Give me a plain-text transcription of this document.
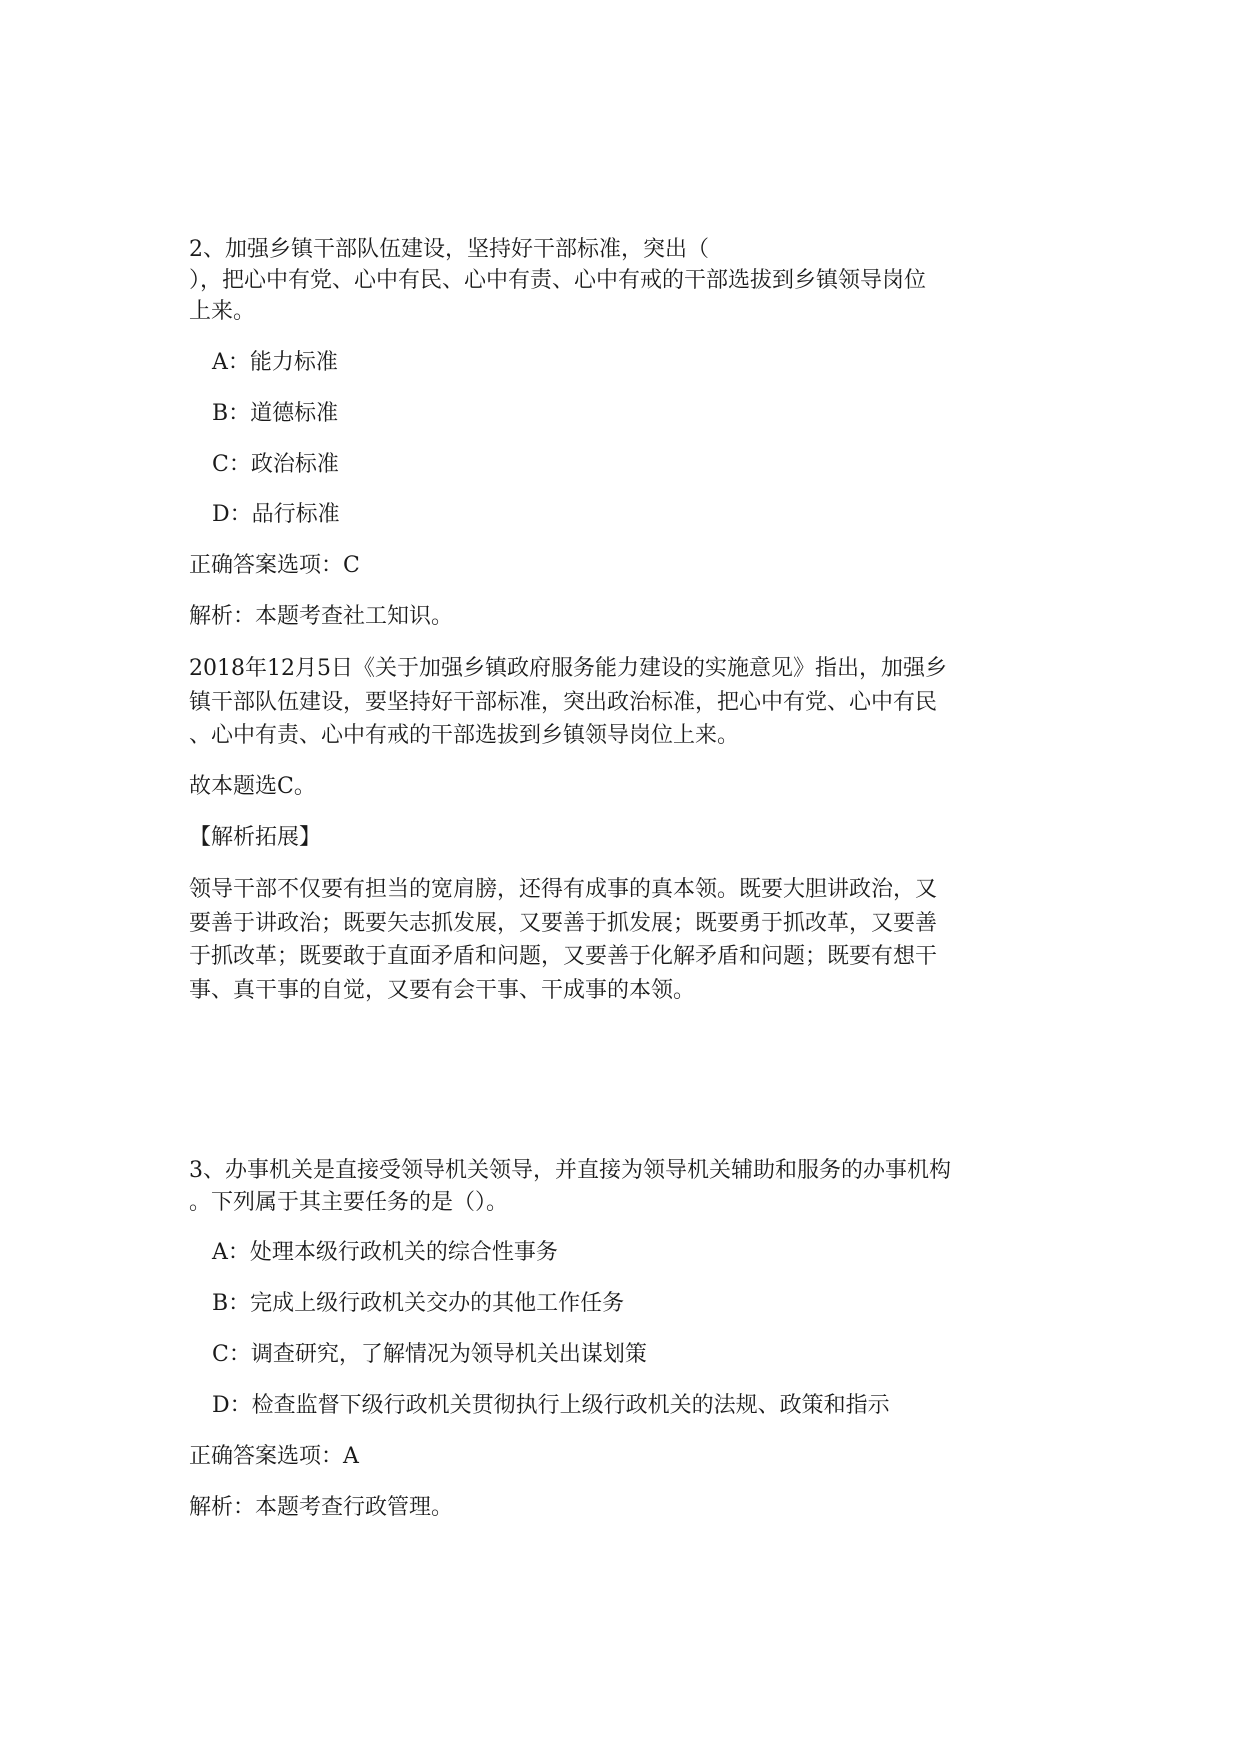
2、加强乡镇干部队伍建设，坚持好干部标准，突出（
），把心中有党、心中有民、心中有责、心中有戒的干部选拔到乡镇领导岗位
上来。
A：能力标准
B：道德标准
C：政治标准
D：品行标准
正确答案选项：C
解析：本题考查社工知识。
2018年12月5日《关于加强乡镇政府服务能力建设的实施意见》指出，加强乡
镇干部队伍建设，要坚持好干部标准，突出政治标准，把心中有党、心中有民
、心中有责、心中有戒的干部选拔到乡镇领导岗位上来。
故本题选C。
【解析拓展】
领导干部不仅要有担当的宽肩膀，还得有成事的真本领。既要大胆讲政治，又
要善于讲政治；既要矢志抓发展，又要善于抓发展；既要勇于抓改革，又要善
于抓改革；既要敢于直面矛盾和问题，又要善于化解矛盾和问题；既要有想干
事、真干事的自觉，又要有会干事、干成事的本领。
3、办事机关是直接受领导机关领导，并直接为领导机关辅助和服务的办事机构
。下列属于其主要任务的是（）。
A：处理本级行政机关的综合性事务
B：完成上级行政机关交办的其他工作任务
C：调查研究，了解情况为领导机关出谋划策
D：检查监督下级行政机关贯彻执行上级行政机关的法规、政策和指示
正确答案选项：A
解析：本题考查行政管理。
